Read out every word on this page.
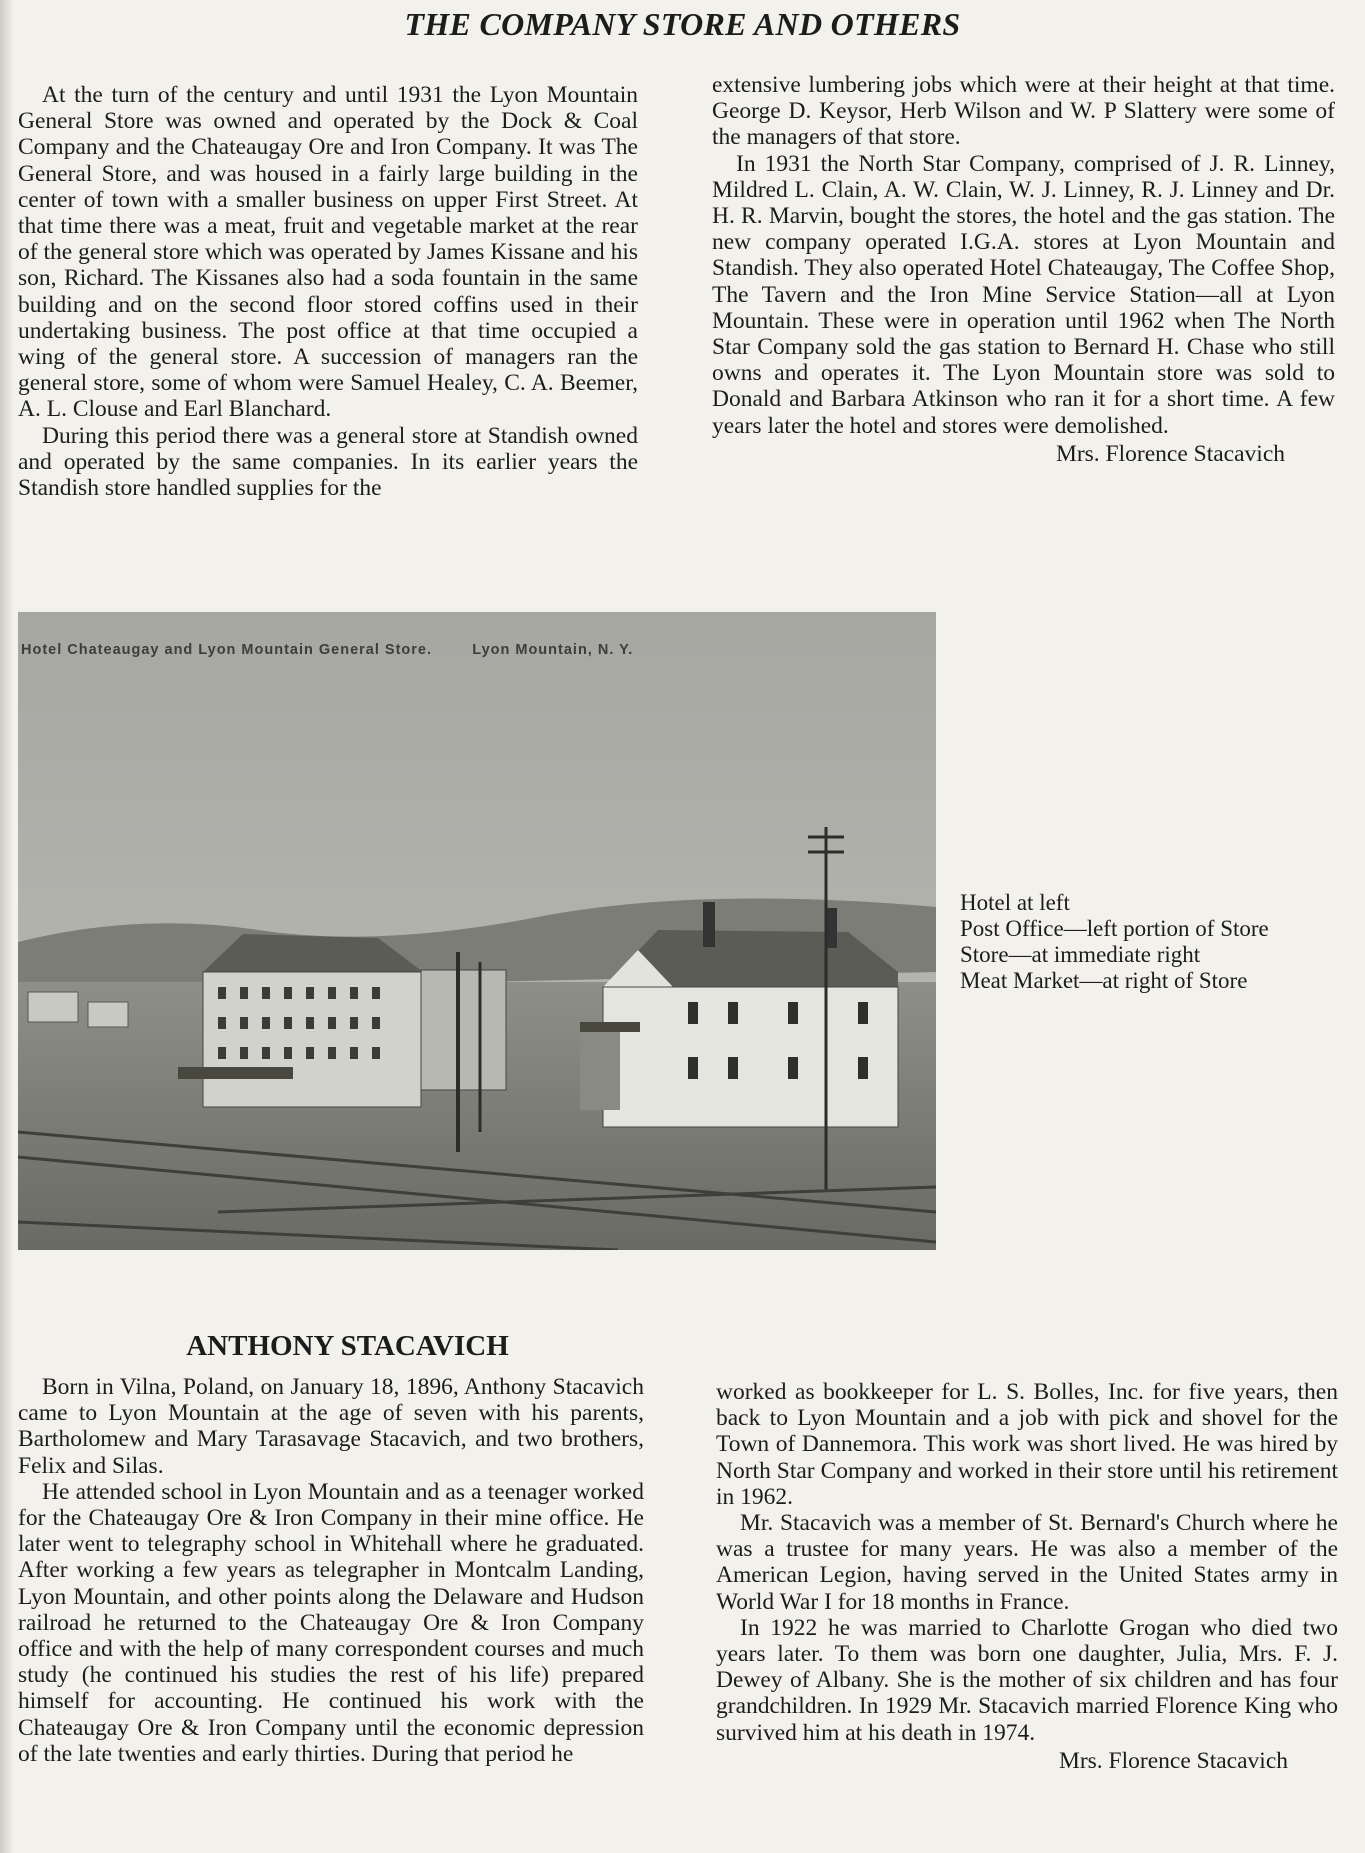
THE COMPANY STORE AND OTHERS

At the turn of the century and until 1931 the Lyon Mountain General Store was owned and operated by the Dock & Coal Company and the Chateaugay Ore and Iron Company. It was The General Store, and was housed in a fairly large building in the center of town with a smaller business on upper First Street. At that time there was a meat, fruit and vegetable market at the rear of the general store which was operated by James Kissane and his son, Richard. The Kissanes also had a soda fountain in the same building and on the second floor stored coffins used in their undertaking business. The post office at that time occupied a wing of the general store. A succession of managers ran the general store, some of whom were Samuel Healey, C. A. Beemer, A. L. Clouse and Earl Blanchard.

During this period there was a general store at Standish owned and operated by the same companies. In its earlier years the Standish store handled supplies for the

extensive lumbering jobs which were at their height at that time. George D. Keysor, Herb Wilson and W. P Slattery were some of the managers of that store.

In 1931 the North Star Company, comprised of J. R. Linney, Mildred L. Clain, A. W. Clain, W. J. Linney, R. J. Linney and Dr. H. R. Marvin, bought the stores, the hotel and the gas station. The new company operated I.G.A. stores at Lyon Mountain and Standish. They also operated Hotel Chateaugay, The Coffee Shop, The Tavern and the Iron Mine Service Station—all at Lyon Mountain. These were in operation until 1962 when The North Star Company sold the gas station to Bernard H. Chase who still owns and operates it. The Lyon Mountain store was sold to Donald and Barbara Atkinson who ran it for a short time. A few years later the hotel and stores were demolished.

Mrs. Florence Stacavich
Hotel Chateaugay and Lyon Mountain General Store.	Lyon Mountain, N. Y.
Hotel at left
Post Office—left portion of Store
Store—at immediate right
Meat Market—at right of Store
ANTHONY STACAVICH

Born in Vilna, Poland, on January 18, 1896, Anthony Stacavich came to Lyon Mountain at the age of seven with his parents, Bartholomew and Mary Tarasavage Stacavich, and two brothers, Felix and Silas.

He attended school in Lyon Mountain and as a teenager worked for the Chateaugay Ore & Iron Company in their mine office. He later went to telegraphy school in Whitehall where he graduated. After working a few years as telegrapher in Montcalm Landing, Lyon Mountain, and other points along the Delaware and Hudson railroad he returned to the Chateaugay Ore & Iron Company office and with the help of many correspondent courses and much study (he continued his studies the rest of his life) prepared himself for accounting. He continued his work with the Chateaugay Ore & Iron Company until the economic depression of the late twenties and early thirties. During that period he

worked as bookkeeper for L. S. Bolles, Inc. for five years, then back to Lyon Mountain and a job with pick and shovel for the Town of Dannemora. This work was short lived. He was hired by North Star Company and worked in their store until his retirement in 1962.

Mr. Stacavich was a member of St. Bernard's Church where he was a trustee for many years. He was also a member of the American Legion, having served in the United States army in World War I for 18 months in France.

In 1922 he was married to Charlotte Grogan who died two years later. To them was born one daughter, Julia, Mrs. F. J. Dewey of Albany. She is the mother of six children and has four grandchildren. In 1929 Mr. Stacavich married Florence King who survived him at his death in 1974.

Mrs. Florence Stacavich
